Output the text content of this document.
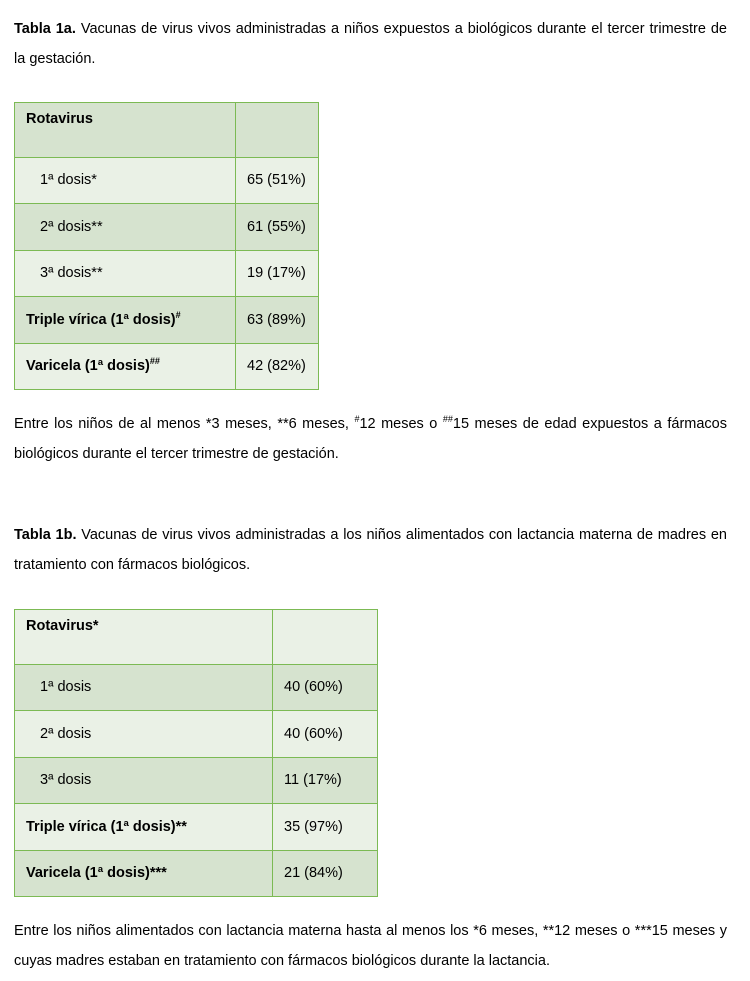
Tabla 1a. Vacunas de virus vivos administradas a niños expuestos a biológicos durante el tercer trimestre de la gestación.

Rotavirus	
1ª dosis*	65 (51%)
2ª dosis**	61 (55%)
3ª dosis**	19 (17%)
Triple vírica (1ª dosis)#	63 (89%)
Varicela (1ª dosis)##	42 (82%)

Entre los niños de al menos *3 meses, **6 meses, #12 meses o ##15 meses de edad expuestos a fármacos biológicos durante el tercer trimestre de gestación.

Tabla 1b. Vacunas de virus vivos administradas a los niños alimentados con lactancia materna de madres en tratamiento con fármacos biológicos.

Rotavirus*	
1ª dosis	40 (60%)
2ª dosis	40 (60%)
3ª dosis	11 (17%)
Triple vírica (1ª dosis)**	35 (97%)
Varicela (1ª dosis)***	21 (84%)

Entre los niños alimentados con lactancia materna hasta al menos los *6 meses, **12 meses o ***15 meses y cuyas madres estaban en tratamiento con fármacos biológicos durante la lactancia.
